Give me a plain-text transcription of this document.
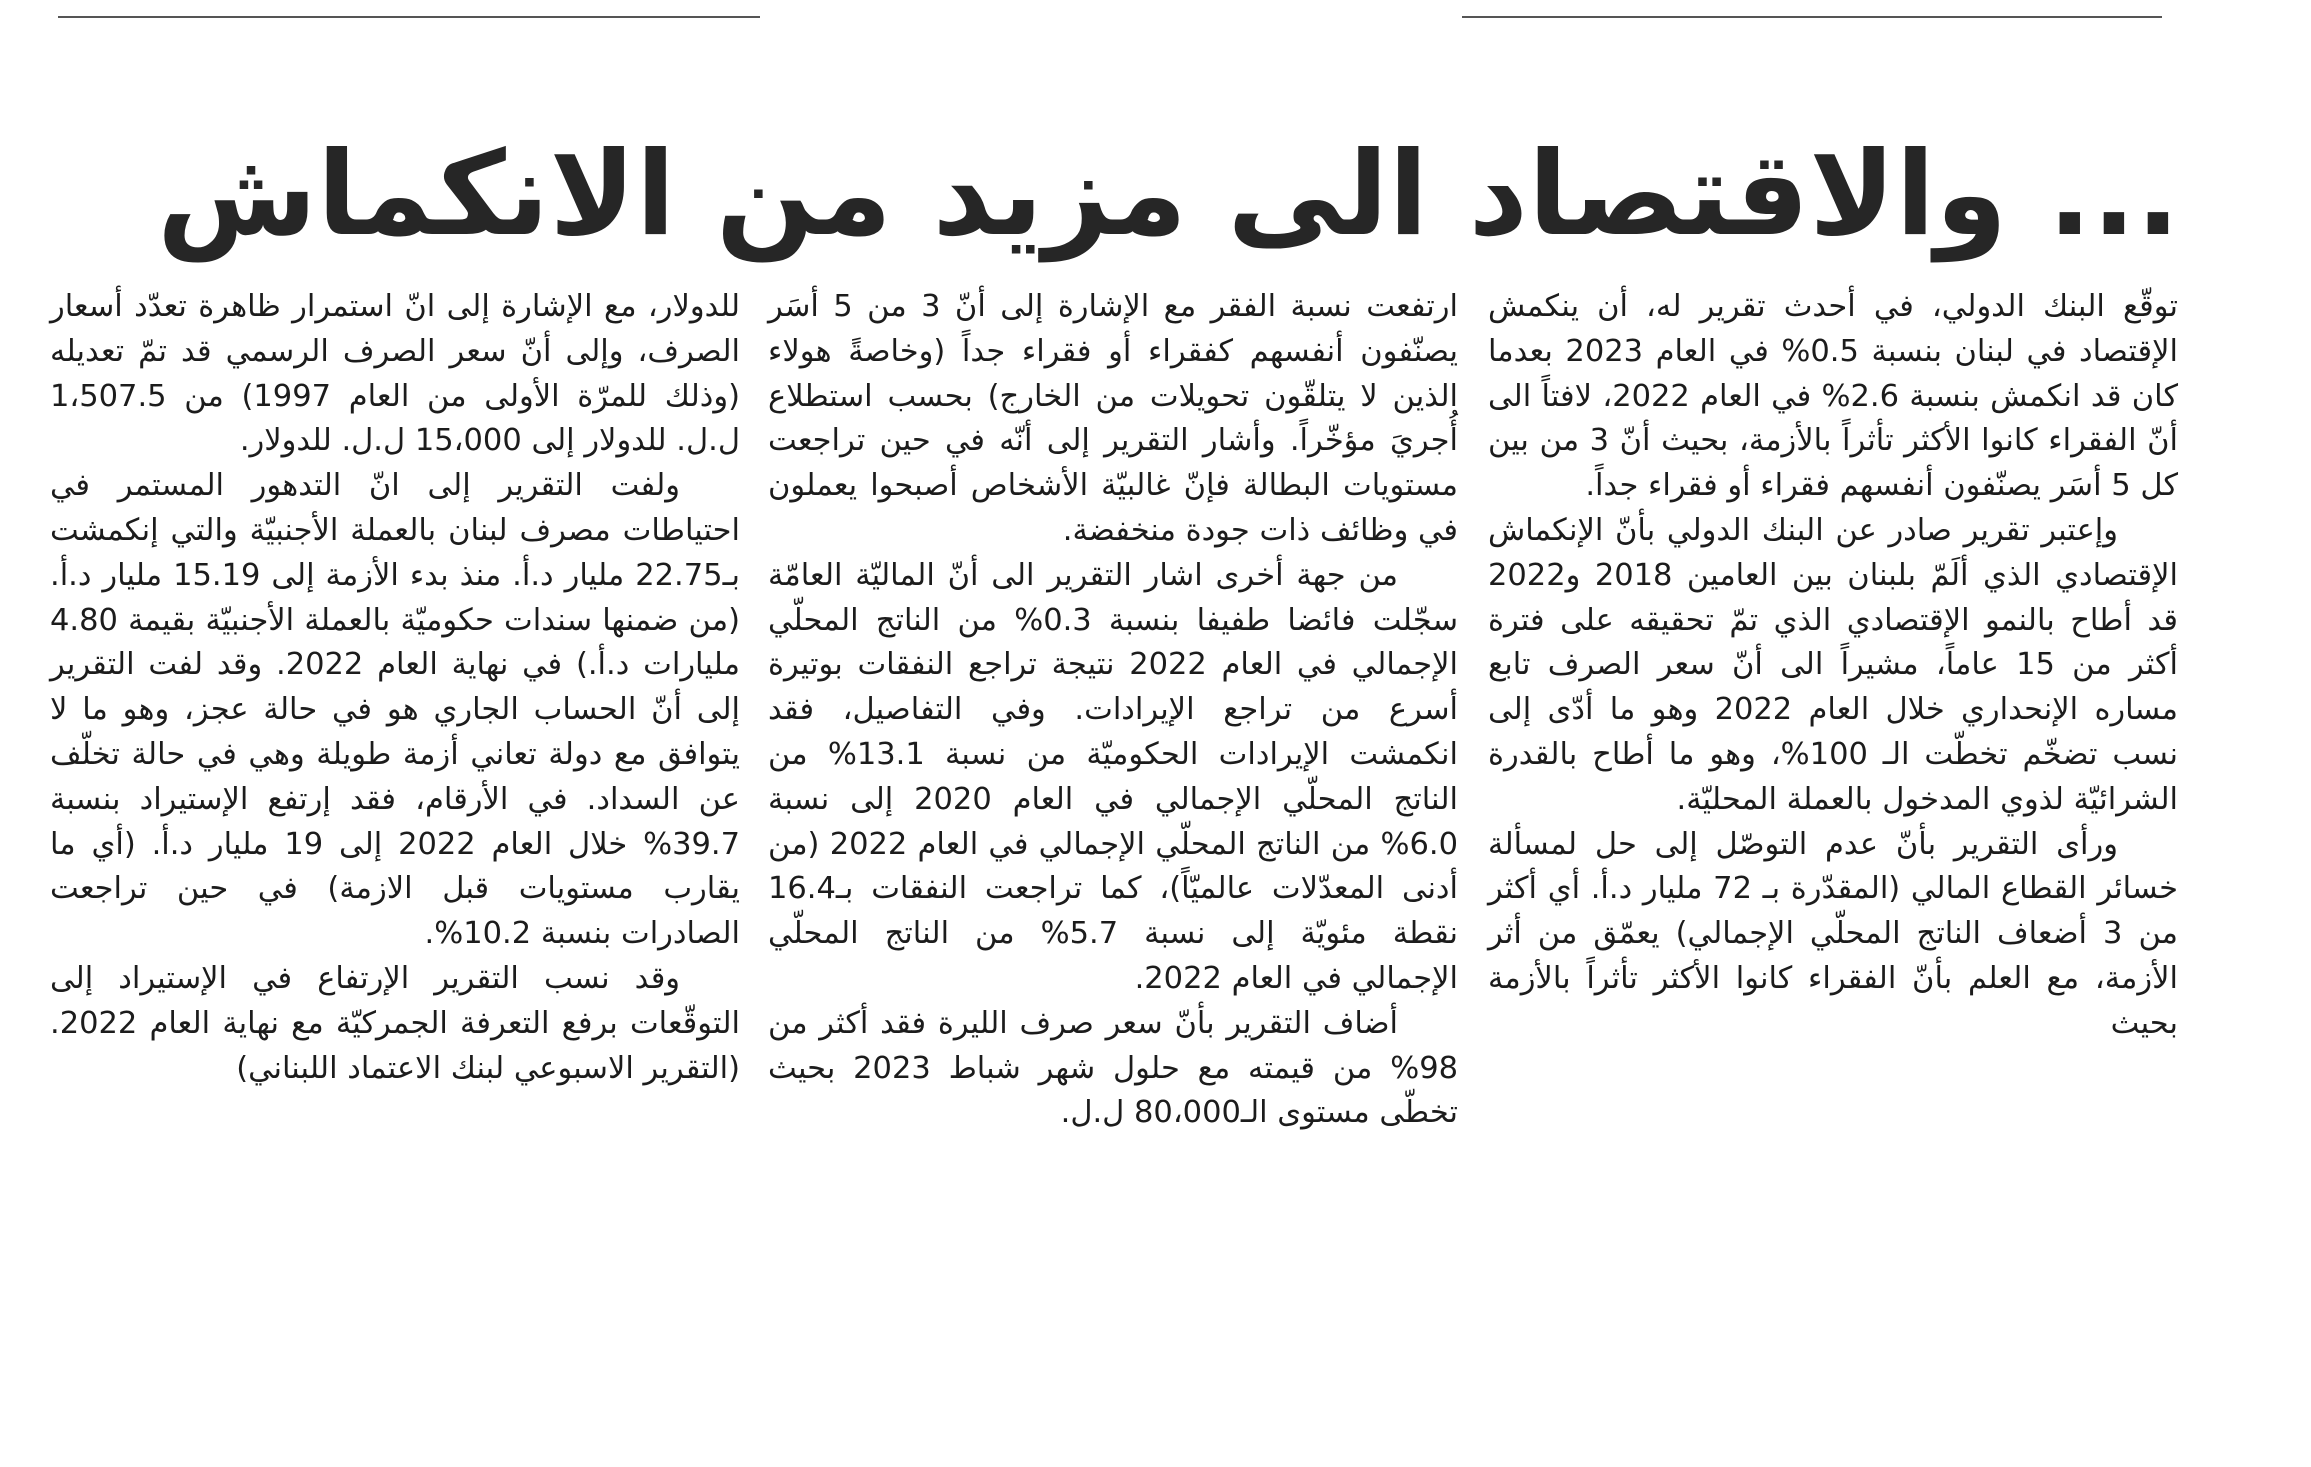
... والاقتصاد الى مزيد من الانكماش

توقّع البنك الدولي، في أحدث تقرير له، أن ينكمش الإقتصاد في لبنان بنسبة 0.5% في العام 2023 بعدما كان قد انكمش بنسبة 2.6% في العام 2022، لافتاً الى أنّ الفقراء كانوا الأكثر تأثراً بالأزمة، بحيث أنّ 3 من بين كل 5 أسَر يصنّفون أنفسهم فقراء أو فقراء جداً.

وإعتبر تقرير صادر عن البنك الدولي بأنّ الإنكماش الإقتصادي الذي ألَمّ بلبنان بين العامين 2018 و2022 قد أطاح بالنمو الإقتصادي الذي تمّ تحقيقه على فترة أكثر من 15 عاماً، مشيراً الى أنّ سعر الصرف تابع مساره الإنحداري خلال العام 2022 وهو ما أدّى إلى نسب تضخّم تخطّت الـ 100%، وهو ما أطاح بالقدرة الشرائيّة لذوي المدخول بالعملة المحليّة.

ورأى التقرير بأنّ عدم التوصّل إلى حل لمسألة خسائر القطاع المالي (المقدّرة بـ 72 مليار د.أ. أي أكثر من 3 أضعاف الناتج المحلّي الإجمالي) يعمّق من أثر الأزمة، مع العلم بأنّ الفقراء كانوا الأكثر تأثراً بالأزمة بحيث

ارتفعت نسبة الفقر مع الإشارة إلى أنّ 3 من 5 أسَر يصنّفون أنفسهم كفقراء أو فقراء جداً (وخاصةً هولاء الذين لا يتلقّون تحويلات من الخارج) بحسب استطلاع أُجريَ مؤخّراً. وأشار التقرير إلى أنّه في حين تراجعت مستويات البطالة فإنّ غالبيّة الأشخاص أصبحوا يعملون في وظائف ذات جودة منخفضة.

من جهة أخرى اشار التقرير الى أنّ الماليّة العامّة سجّلت فائضا طفيفا بنسبة 0.3% من الناتج المحلّي الإجمالي في العام 2022 نتيجة تراجع النفقات بوتيرة أسرع من تراجع الإيرادات. وفي التفاصيل، فقد انكمشت الإيرادات الحكوميّة من نسبة 13.1% من الناتج المحلّي الإجمالي في العام 2020 إلى نسبة 6.0% من الناتج المحلّي الإجمالي في العام 2022 (من أدنى المعدّلات عالميّاً)، كما تراجعت النفقات بـ16.4 نقطة مئويّة إلى نسبة 5.7% من الناتج المحلّي الإجمالي في العام 2022.

أضاف التقرير بأنّ سعر صرف الليرة فقد أكثر من 98% من قيمته مع حلول شهر شباط 2023 بحيث تخطّى مستوى الـ80،000 ل.ل.

للدولار، مع الإشارة إلى انّ استمرار ظاهرة تعدّد أسعار الصرف، وإلى أنّ سعر الصرف الرسمي قد تمّ تعديله (وذلك للمرّة الأولى من العام 1997) من 1،507.5 ل.ل. للدولار إلى 15،000 ل.ل. للدولار.

ولفت التقرير إلى انّ التدهور المستمر في احتياطات مصرف لبنان بالعملة الأجنبيّة والتي إنكمشت بـ22.75 مليار د.أ. منذ بدء الأزمة إلى 15.19 مليار د.أ. (من ضمنها سندات حكوميّة بالعملة الأجنبيّة بقيمة 4.80 مليارات د.أ.) في نهاية العام 2022. وقد لفت التقرير إلى أنّ الحساب الجاري هو في حالة عجز، وهو ما لا يتوافق مع دولة تعاني أزمة طويلة وهي في حالة تخلّف عن السداد. في الأرقام، فقد إرتفع الإستيراد بنسبة 39.7% خلال العام 2022 إلى 19 مليار د.أ. (أي ما يقارب مستويات قبل الازمة) في حين تراجعت الصادرات بنسبة 10.2%.

وقد نسب التقرير الإرتفاع في الإستيراد إلى التوقّعات برفع التعرفة الجمركيّة مع نهاية العام 2022. (التقرير الاسبوعي لبنك الاعتماد اللبناني)
